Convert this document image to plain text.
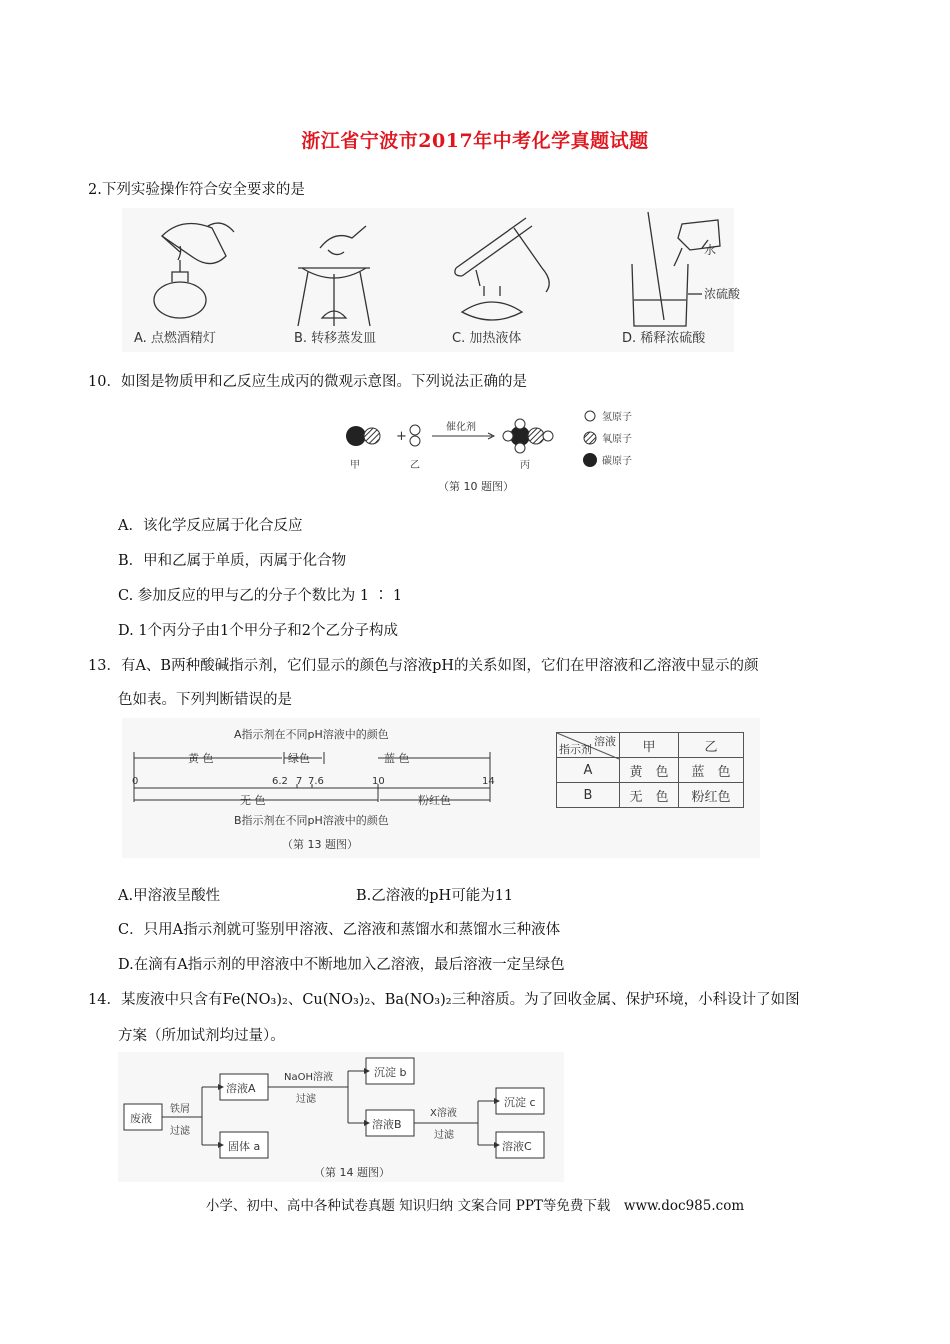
浙江省宁波市2017年中考化学真题试题
2.下列实验操作符合安全要求的是
A. 点燃酒精灯	B. 转移蒸发皿	C. 加热液体
水
浓硫酸
D. 稀释浓硫酸
10．如图是物质甲和乙反应生成丙的微观示意图。下列说法正确的是
+
催化剂
甲	乙	丙
（第 10 题图）
氢原子
氧原子
碳原子
A．该化学反应属于化合反应
B．甲和乙属于单质，丙属于化合物
C. 参加反应的甲与乙的分子个数比为 1 ∶ 1
D. 1个丙分子由1个甲分子和2个乙分子构成
13．有A、B两种酸碱指示剂，它们显示的颜色与溶液pH的关系如图，它们在甲溶液和乙溶液中显示的颜
色如表。下列判断错误的是
A指示剂在不同pH溶液中的颜色
黄 色	绿色	蓝 色
0	6.2 7 7.6	10	14
无 色	粉红色
B指示剂在不同pH溶液中的颜色
（第 13 题图）
溶液
指示剂	甲	乙
A	黄　色	蓝　色
B	无　色	粉红色
A.甲溶液呈酸性	B.乙溶液的pH可能为11
C．只用A指示剂就可鉴别甲溶液、乙溶液和蒸馏水和蒸馏水三种液体
D.在滴有A指示剂的甲溶液中不断地加入乙溶液，最后溶液一定呈绿色
14．某废液中只含有Fe(NO₃)₂、Cu(NO₃)₂、Ba(NO₃)₂三种溶质。为了回收金属、保护环境，小科设计了如图
方案（所加试剂均过量）。
废液
铁屑
过滤
溶液A
固体 a
NaOH溶液
过滤
沉淀 b
溶液B
X溶液
过滤
沉淀 c
溶液C
（第 14 题图）
小学、初中、高中各种试卷真题 知识归纳 文案合同 PPT等免费下载　www.doc985.com
